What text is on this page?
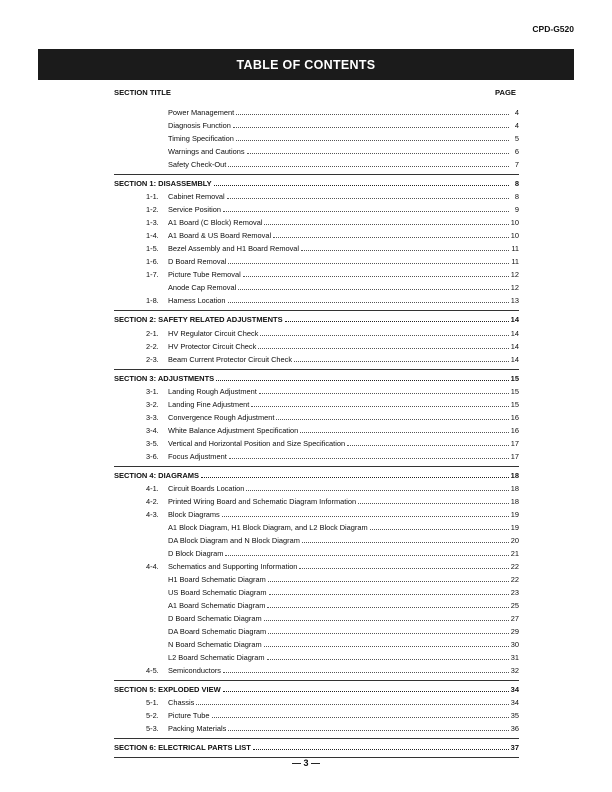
CPD-G520
TABLE OF CONTENTS
SECTION TITLE	PAGE
Power Management	4
Diagnosis Function	4
Timing Specification	5
Warnings and Cautions	6
Safety Check-Out	7
SECTION 1: DISASSEMBLY	8
1-1.	Cabinet Removal	8
1-2.	Service Position	9
1-3.	A1 Board (C Block) Removal	10
1-4.	A1 Board & US Board Removal	10
1-5.	Bezel Assembly and H1 Board Removal	11
1-6.	D Board Removal	11
1-7.	Picture Tube Removal	12
Anode Cap Removal	12
1-8.	Harness Location	13
SECTION 2: SAFETY RELATED ADJUSTMENTS	14
2-1.	HV Regulator Circuit Check	14
2-2.	HV Protector Circuit Check	14
2-3.	Beam Current Protector Circuit Check	14
SECTION 3: ADJUSTMENTS	15
3-1.	Landing Rough Adjustment	15
3-2.	Landing Fine Adjustment	15
3-3.	Convergence Rough Adjustment	16
3-4.	White Balance Adjustment Specification	16
3-5.	Vertical and Horizontal Position and Size Specification	17
3-6.	Focus Adjustment	17
SECTION 4: DIAGRAMS	18
4-1.	Circuit Boards Location	18
4-2.	Printed Wiring Board and Schematic Diagram Information	18
4-3.	Block Diagrams	19
A1 Block Diagram, H1 Block Diagram, and L2 Block Diagram	19
DA Block Diagram and N Block Diagram	20
D Block Diagram	21
4-4.	Schematics and Supporting Information	22
H1 Board Schematic Diagram	22
US Board Schematic Diagram	23
A1 Board Schematic Diagram	25
D Board Schematic Diagram	27
DA Board Schematic Diagram	29
N Board Schematic Diagram	30
L2 Board Schematic Diagram	31
4-5.	Semiconductors	32
SECTION 5: EXPLODED VIEW	34
5-1.	Chassis	34
5-2.	Picture Tube	35
5-3.	Packing Materials	36
SECTION 6: ELECTRICAL PARTS LIST	37
— 3 —
